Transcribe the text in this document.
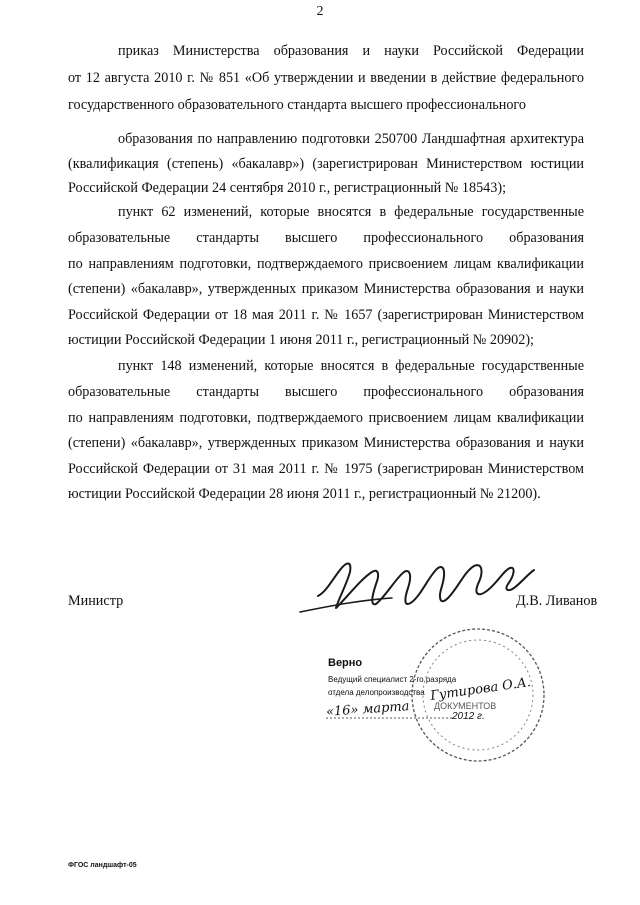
2
приказ Министерства образования и науки Российской Федерации
от 12 августа 2010 г. № 851 «Об утверждении и введении в действие федерального
государственного образовательного стандарта высшего профессионального
образования по направлению подготовки 250700 Ландшафтная архитектура
(квалификация (степень) «бакалавр») (зарегистрирован Министерством юстиции
Российской Федерации 24 сентября 2010 г., регистрационный № 18543);
пункт 62 изменений, которые вносятся в федеральные государственные
образовательные стандарты высшего профессионального образования
по направлениям подготовки, подтверждаемого присвоением лицам квалификации
(степени) «бакалавр», утвержденных приказом Министерства образования и науки
Российской Федерации от 18 мая 2011 г. № 1657 (зарегистрирован Министерством
юстиции Российской Федерации 1 июня 2011 г., регистрационный № 20902);
пункт 148 изменений, которые вносятся в федеральные государственные
образовательные стандарты высшего профессионального образования
по направлениям подготовки, подтверждаемого присвоением лицам квалификации
(степени) «бакалавр», утвержденных приказом Министерства образования и науки
Российской Федерации от 31 мая 2011 г. № 1975 (зарегистрирован Министерством
юстиции Российской Федерации 28 июня 2011 г., регистрационный № 21200).
Министр	Д.В. Ливанов
Верно
Ведущий специалист 2-го разряда
отдела делопроизводства
ДОКУМЕНТОВ
Гутирова О.А.
«16» марта	2012 г.
ФГОС ландшафт-05
